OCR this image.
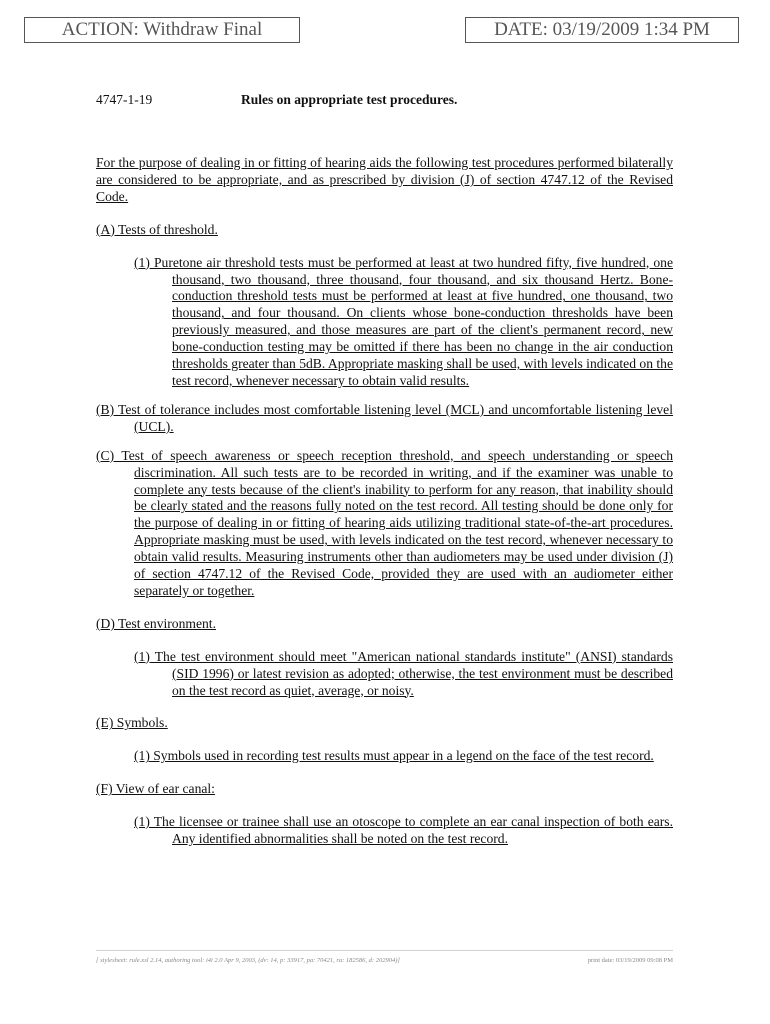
ACTION: Withdraw Final	DATE: 03/19/2009 1:34 PM
4747-1-19	Rules on appropriate test procedures.

For the purpose of dealing in or fitting of hearing aids the following test procedures performed bilaterally are considered to be appropriate, and as prescribed by division (J) of section 4747.12 of the Revised Code.

(A) Tests of threshold.

(1) Puretone air threshold tests must be performed at least at two hundred fifty, five hundred, one thousand, two thousand, three thousand, four thousand, and six thousand Hertz. Bone-conduction threshold tests must be performed at least at five hundred, one thousand, two thousand, and four thousand. On clients whose bone-conduction thresholds have been previously measured, and those measures are part of the client's permanent record, new bone-conduction testing may be omitted if there has been no change in the air conduction thresholds greater than 5dB. Appropriate masking shall be used, with levels indicated on the test record, whenever necessary to obtain valid results.

(B) Test of tolerance includes most comfortable listening level (MCL) and uncomfortable listening level (UCL).

(C) Test of speech awareness or speech reception threshold, and speech understanding or speech discrimination. All such tests are to be recorded in writing, and if the examiner was unable to complete any tests because of the client's inability to perform for any reason, that inability should be clearly stated and the reasons fully noted on the test record. All testing should be done only for the purpose of dealing in or fitting of hearing aids utilizing traditional state-of-the-art procedures. Appropriate masking must be used, with levels indicated on the test record, whenever necessary to obtain valid results. Measuring instruments other than audiometers may be used under division (J) of section 4747.12 of the Revised Code, provided they are used with an audiometer either separately or together.

(D) Test environment.

(1) The test environment should meet "American national standards institute" (ANSI) standards (SID 1996) or latest revision as adopted; otherwise, the test environment must be described on the test record as quiet, average, or noisy.

(E) Symbols.

(1) Symbols used in recording test results must appear in a legend on the face of the test record.

(F) View of ear canal:

(1) The licensee or trainee shall use an otoscope to complete an ear canal inspection of both ears. Any identified abnormalities shall be noted on the test record.

[ stylesheet: rule.xsl 2.14, authoring tool: i4i 2.0 Apr 9, 2003, (dv: 14, p: 33917, pa: 70421, ra: 182586, d: 202904)]	print date: 03/19/2009 09:08 PM
